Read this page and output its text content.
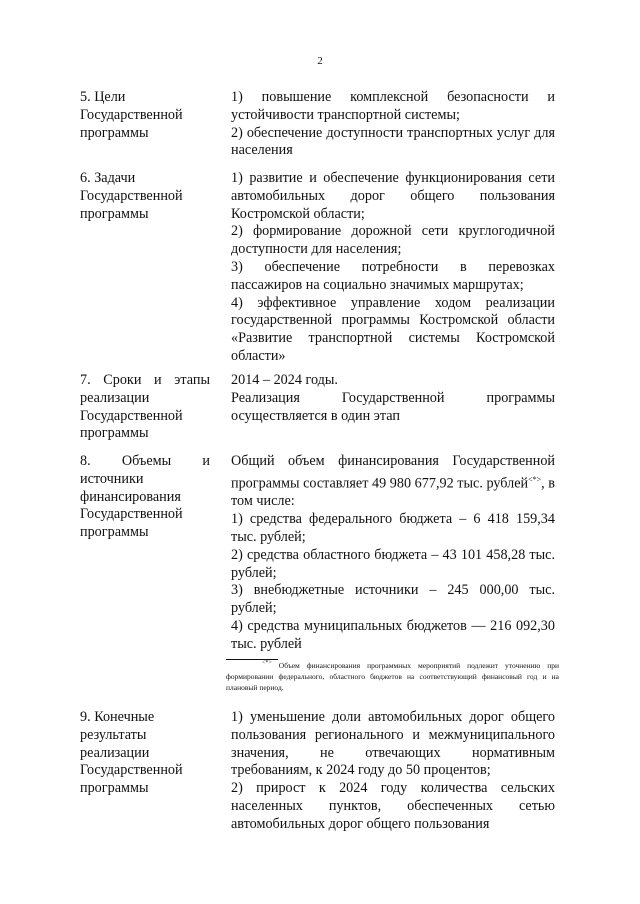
2
5. Цели
Государственной
программы
1) повышение комплексной безопасности и устойчивости транспортной системы;
2) обеспечение доступности транспортных услуг для населения
6. Задачи
Государственной
программы
1) развитие и обеспечение функционирования сети автомобильных дорог общего пользования Костромской области;
2) формирование дорожной сети круглогодичной доступности для населения;
3) обеспечение потребности в перевозках пассажиров на социально значимых маршрутах;
4) эффективное управление ходом реализации государственной программы Костромской области «Развитие транспортной системы Костромской области»
7. Сроки и этапы
реализации
Государственной
программы
2014 – 2024 годы.
Реализация Государственной программы осуществляется в один этап
8. Объемы и
источники
финансирования
Государственной
программы
Общий объем финансирования Государственной программы составляет 49 980 677,92 тыс. рублей<*>, в том числе:
1) средства федерального бюджета – 6 418 159,34 тыс. рублей;
2) средства областного бюджета – 43 101 458,28 тыс. рублей;
3) внебюджетные источники – 245 000,00 тыс. рублей;
4) средства муниципальных бюджетов — 216 092,30 тыс. рублей
<*> Объем финансирования программных мероприятий подлежит уточнению при формировании федерального, областного бюджетов на соответствующий финансовый год и на плановый период.
9. Конечные
результаты
реализации
Государственной
программы
1) уменьшение доли автомобильных дорог общего пользования регионального и межмуниципального значения, не отвечающих нормативным требованиям, к 2024 году до 50 процентов;
2) прирост к 2024 году количества сельских населенных пунктов, обеспеченных сетью автомобильных дорог общего пользования
